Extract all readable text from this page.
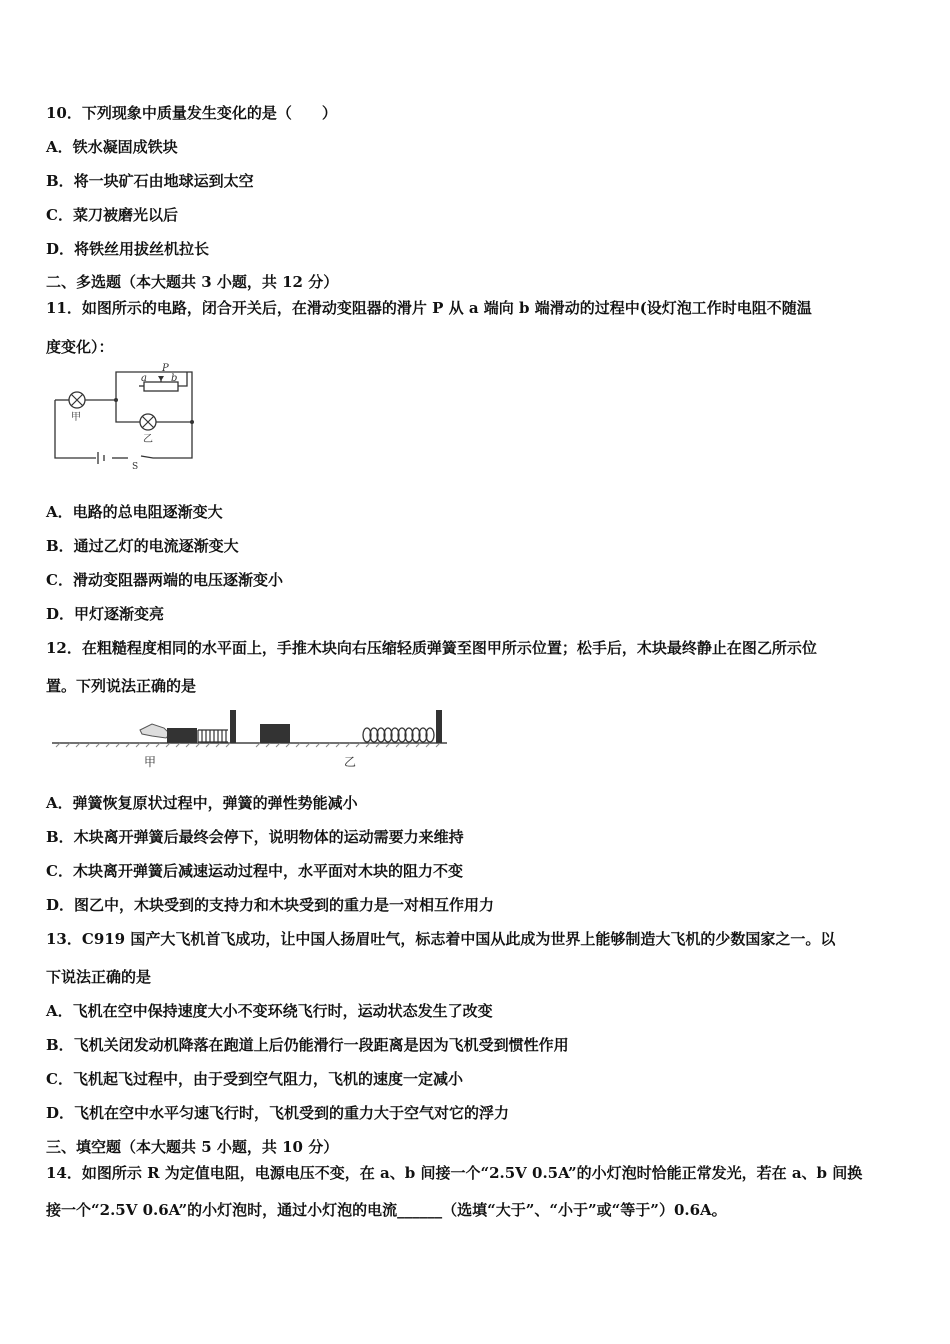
10．下列现象中质量发生变化的是（　　）
A．铁水凝固成铁块
B．将一块矿石由地球运到太空
C．菜刀被磨光以后
D．将铁丝用拔丝机拉长
二、多选题（本大题共 3 小题，共 12 分）
11．如图所示的电路，闭合开关后，在滑动变阻器的滑片 P 从 a 端向 b 端滑动的过程中(设灯泡工作时电阻不随温
度变化）：
a
P
b
甲
乙
S
A．电路的总电阻逐渐变大
B．通过乙灯的电流逐渐变大
C．滑动变阻器两端的电压逐渐变小
D．甲灯逐渐变亮
12．在粗糙程度相同的水平面上，手推木块向右压缩轻质弹簧至图甲所示位置；松手后，木块最终静止在图乙所示位
置。下列说法正确的是
甲	乙
A．弹簧恢复原状过程中，弹簧的弹性势能减小
B．木块离开弹簧后最终会停下，说明物体的运动需要力来维持
C．木块离开弹簧后减速运动过程中，水平面对木块的阻力不变
D．图乙中，木块受到的支持力和木块受到的重力是一对相互作用力
13．C919 国产大飞机首飞成功，让中国人扬眉吐气，标志着中国从此成为世界上能够制造大飞机的少数国家之一。以
下说法正确的是
A．飞机在空中保持速度大小不变环绕飞行时，运动状态发生了改变
B．飞机关闭发动机降落在跑道上后仍能滑行一段距离是因为飞机受到惯性作用
C．飞机起飞过程中，由于受到空气阻力，飞机的速度一定减小
D．飞机在空中水平匀速飞行时，飞机受到的重力大于空气对它的浮力
三、填空题（本大题共 5 小题，共 10 分）
14．如图所示 R 为定值电阻，电源电压不变，在 a、b 间接一个“2.5V 0.5A”的小灯泡时恰能正常发光，若在 a、b 间换
接一个“2.5V 0.6A”的小灯泡时，通过小灯泡的电流______（选填“大于”、“小于”或“等于”）0.6A。
